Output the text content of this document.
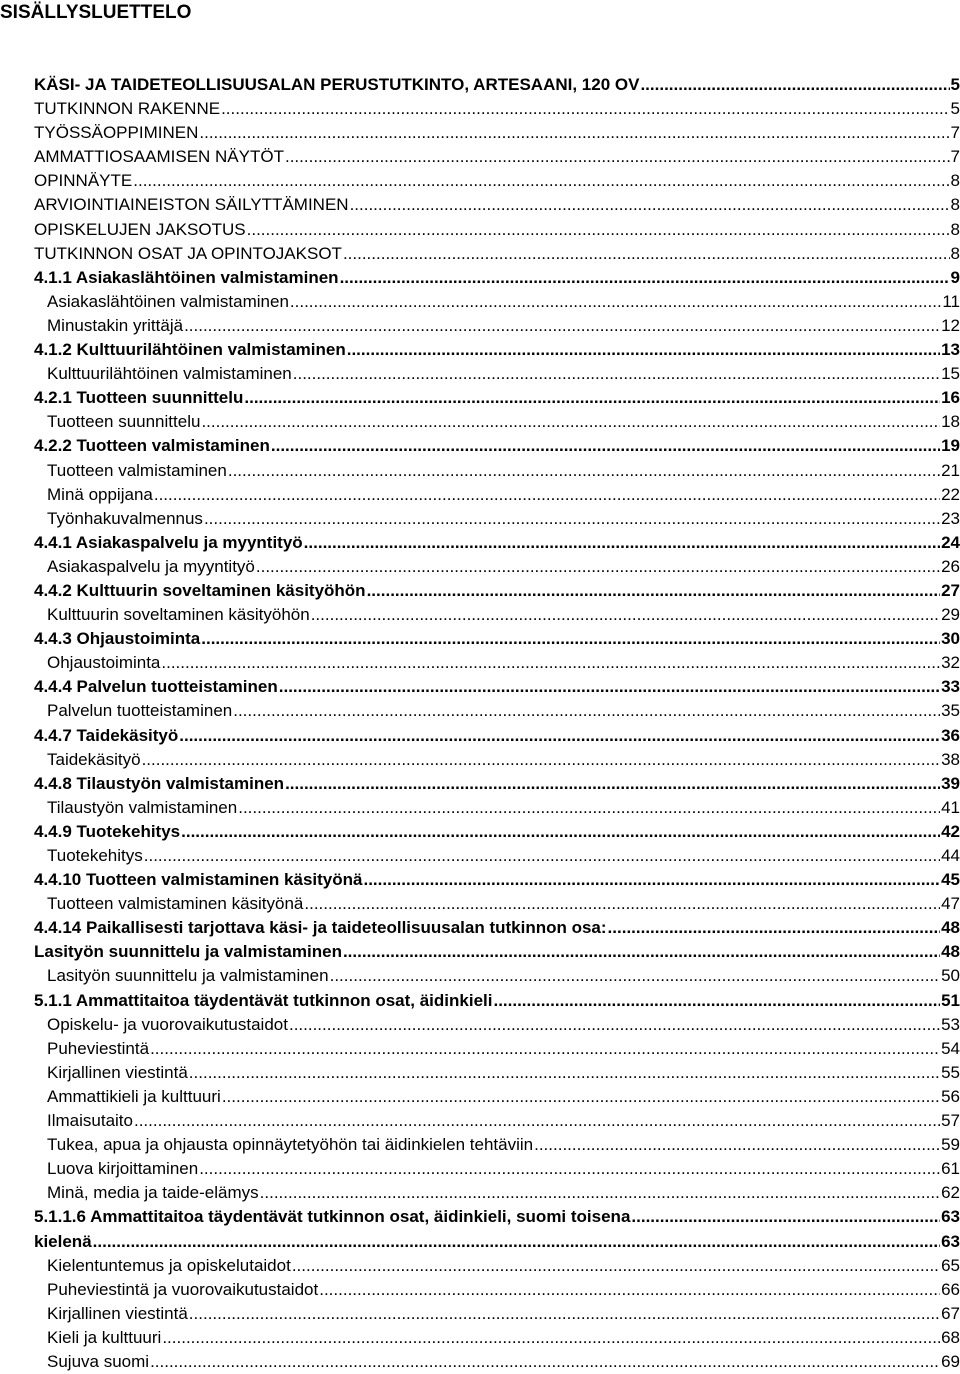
SISÄLLYSLUETTELO
KÄSI- JA TAIDETEOLLISUUSALAN PERUSTUTKINTO, ARTESAANI, 120 OV .....	5
TUTKINNON RAKENNE .....	5
TYÖSSÄOPPIMINEN .....	7
AMMATTIOSAAMISEN NÄYTÖT .....	7
OPINNÄYTE .....	8
ARVIOINTIAINEISTON SÄILYTTÄMINEN .....	8
OPISKELUJEN JAKSOTUS .....	8
TUTKINNON OSAT JA OPINTOJAKSOT .....	8
4.1.1 Asiakaslähtöinen valmistaminen .....	9
Asiakaslähtöinen valmistaminen .....	11
Minustakin yrittäjä .....	12
4.1.2 Kulttuurilähtöinen valmistaminen .....	13
Kulttuurilähtöinen valmistaminen .....	15
4.2.1 Tuotteen suunnittelu .....	16
Tuotteen suunnittelu .....	18
4.2.2 Tuotteen valmistaminen .....	19
Tuotteen valmistaminen .....	21
Minä oppijana .....	22
Työnhakuvalmennus .....	23
4.4.1 Asiakaspalvelu ja myyntityö .....	24
Asiakaspalvelu ja myyntityö .....	26
4.4.2 Kulttuurin soveltaminen käsityöhön .....	27
Kulttuurin soveltaminen käsityöhön .....	29
4.4.3 Ohjaustoiminta .....	30
Ohjaustoiminta .....	32
4.4.4 Palvelun tuotteistaminen .....	33
Palvelun tuotteistaminen .....	35
4.4.7 Taidekäsityö .....	36
Taidekäsityö .....	38
4.4.8 Tilaustyön valmistaminen .....	39
Tilaustyön valmistaminen .....	41
4.4.9 Tuotekehitys .....	42
Tuotekehitys .....	44
4.4.10 Tuotteen valmistaminen käsityönä .....	45
Tuotteen valmistaminen käsityönä .....	47
4.4.14 Paikallisesti tarjottava käsi- ja taideteollisuusalan tutkinnon osa: .....	48
Lasityön suunnittelu ja valmistaminen .....	48
Lasityön suunnittelu ja valmistaminen .....	50
5.1.1 Ammattitaitoa täydentävät tutkinnon osat, äidinkieli .....	51
Opiskelu- ja vuorovaikutustaidot .....	53
Puheviestintä .....	54
Kirjallinen viestintä .....	55
Ammattikieli ja kulttuuri .....	56
Ilmaisutaito .....	57
Tukea, apua ja ohjausta opinnäytetyöhön tai äidinkielen tehtäviin .....	59
Luova kirjoittaminen .....	61
Minä, media ja taide-elämys .....	62
5.1.1.6 Ammattitaitoa täydentävät tutkinnon osat, äidinkieli, suomi toisena .....	63
kielenä .....	63
Kielentuntemus ja opiskelutaidot .....	65
Puheviestintä ja vuorovaikutustaidot .....	66
Kirjallinen viestintä .....	67
Kieli ja kulttuuri .....	68
Sujuva suomi .....	69
